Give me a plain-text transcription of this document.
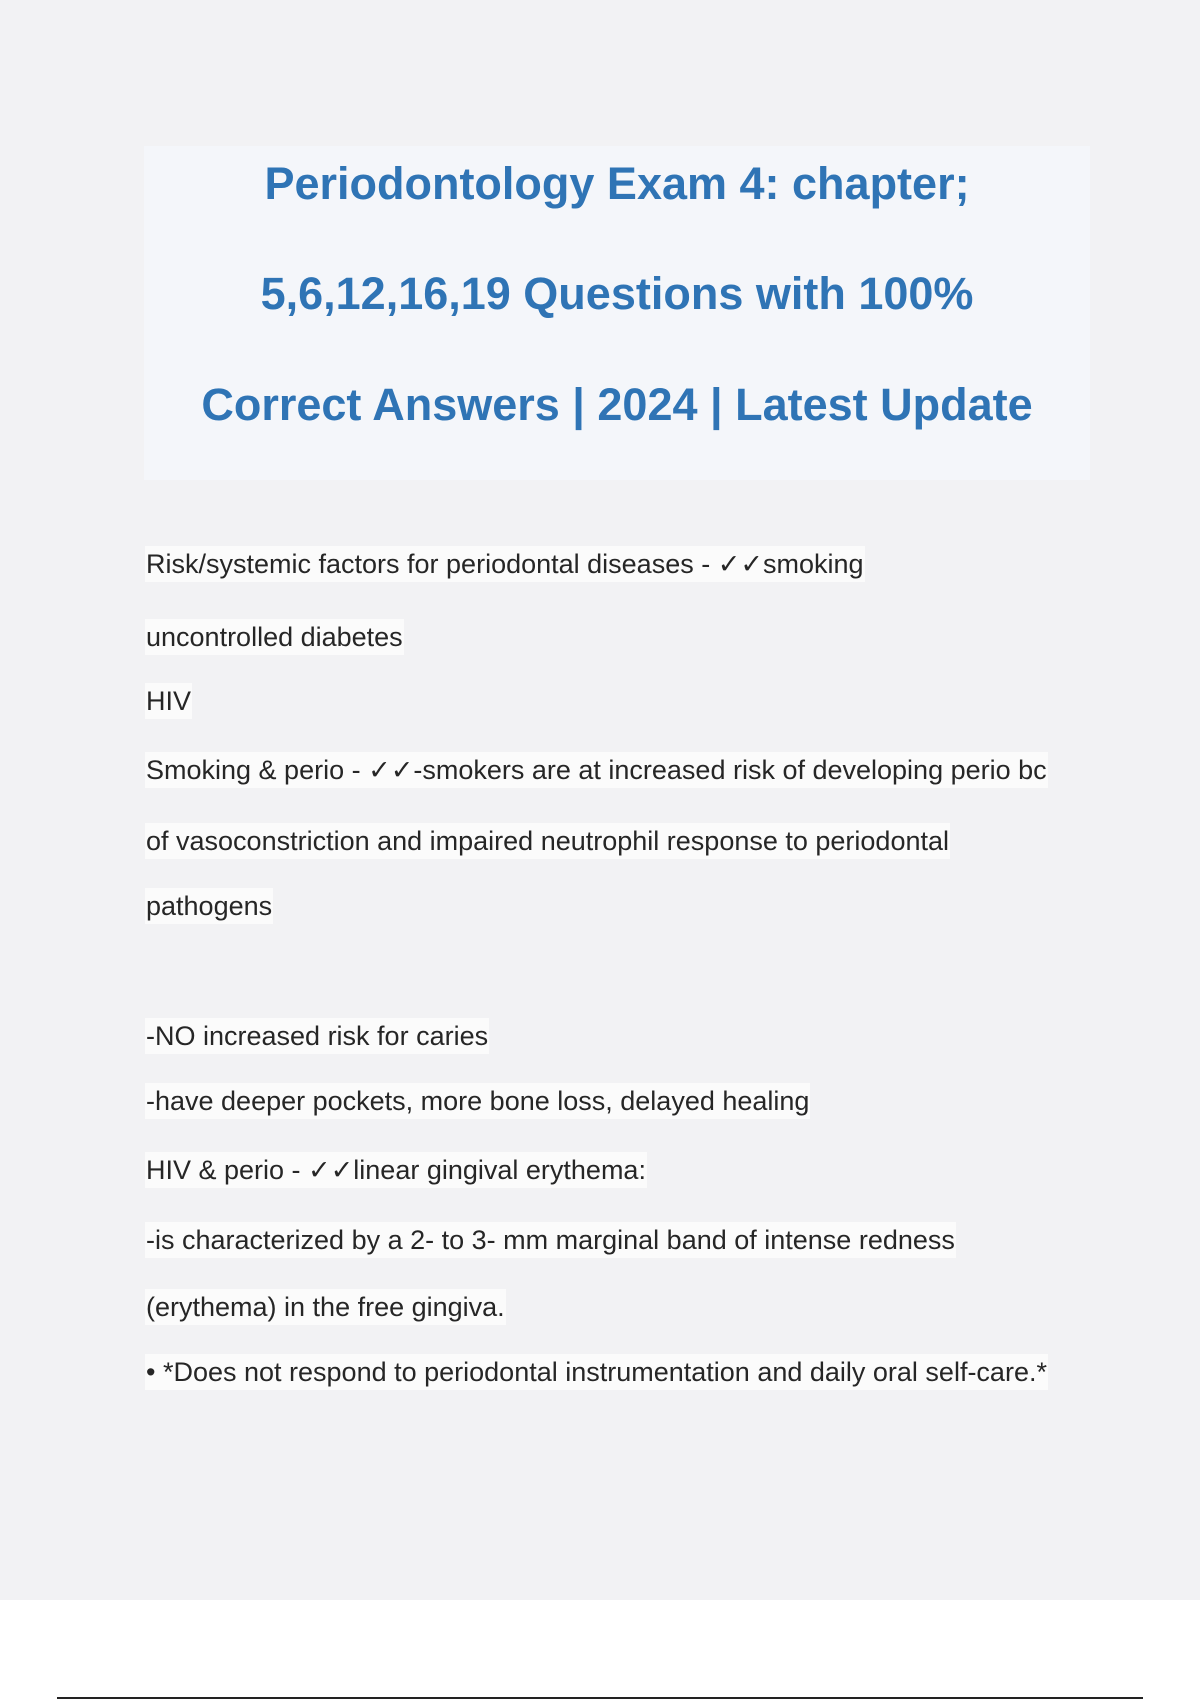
Periodontology Exam 4: chapter;
5,6,12,16,19 Questions with 100%
Correct Answers | 2024 | Latest Update
Risk/systemic factors for periodontal diseases - ✓✓smoking
uncontrolled diabetes
HIV
Smoking & perio - ✓✓-smokers are at increased risk of developing perio bc
of vasoconstriction and impaired neutrophil response to periodontal
pathogens
-NO increased risk for caries
-have deeper pockets, more bone loss, delayed healing
HIV & perio - ✓✓linear gingival erythema:
-is characterized by a 2- to 3- mm marginal band of intense redness
(erythema) in the free gingiva.
• *Does not respond to periodontal instrumentation and daily oral self-care.*
